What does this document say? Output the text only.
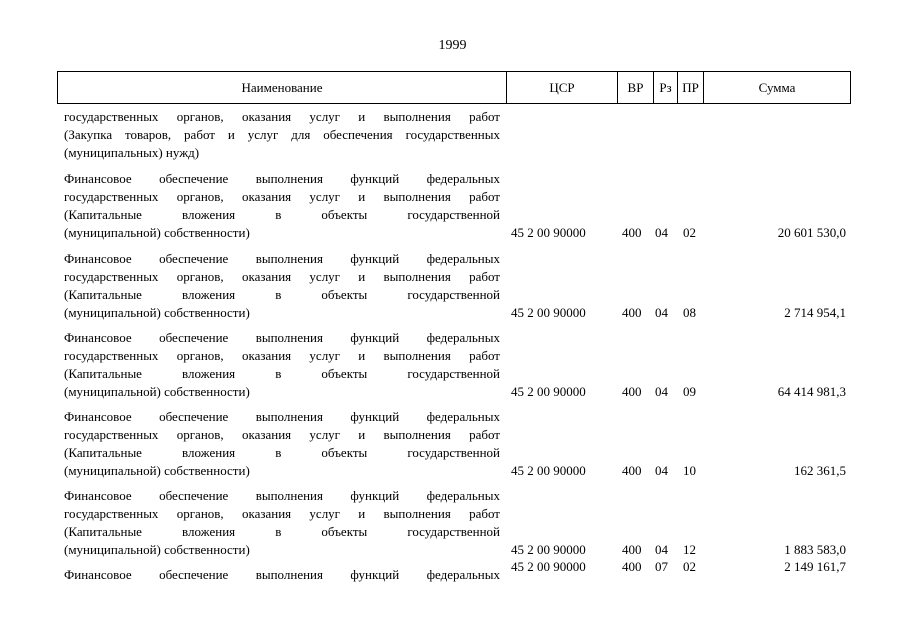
1999
Наименование	ЦСР	ВР	Рз ПР	Сумма
государственных органов, оказания услуг и выполнения работ
(Закупка товаров, работ и услуг для обеспечения государственных
(муниципальных) нужд)
Финансовое обеспечение выполнения функций федеральных
государственных органов, оказания услуг и выполнения работ
(Капитальные вложения в объекты государственной
(муниципальной) собственности)	45 2 00 90000	400 04 02	20 601 530,0
Финансовое обеспечение выполнения функций федеральных
государственных органов, оказания услуг и выполнения работ
(Капитальные вложения в объекты государственной
(муниципальной) собственности)	45 2 00 90000	400 04 08	2 714 954,1
Финансовое обеспечение выполнения функций федеральных
государственных органов, оказания услуг и выполнения работ
(Капитальные вложения в объекты государственной
(муниципальной) собственности)	45 2 00 90000	400 04 09	64 414 981,3
Финансовое обеспечение выполнения функций федеральных
государственных органов, оказания услуг и выполнения работ
(Капитальные вложения в объекты государственной
(муниципальной) собственности)	45 2 00 90000	400 04 10	162 361,5
Финансовое обеспечение выполнения функций федеральных
государственных органов, оказания услуг и выполнения работ
(Капитальные вложения в объекты государственной
(муниципальной) собственности)	45 2 00 90000	400 04 12	1 883 583,0
Финансовое обеспечение выполнения функций федеральных
45 2 00 90000	400 07 02	2 149 161,7
